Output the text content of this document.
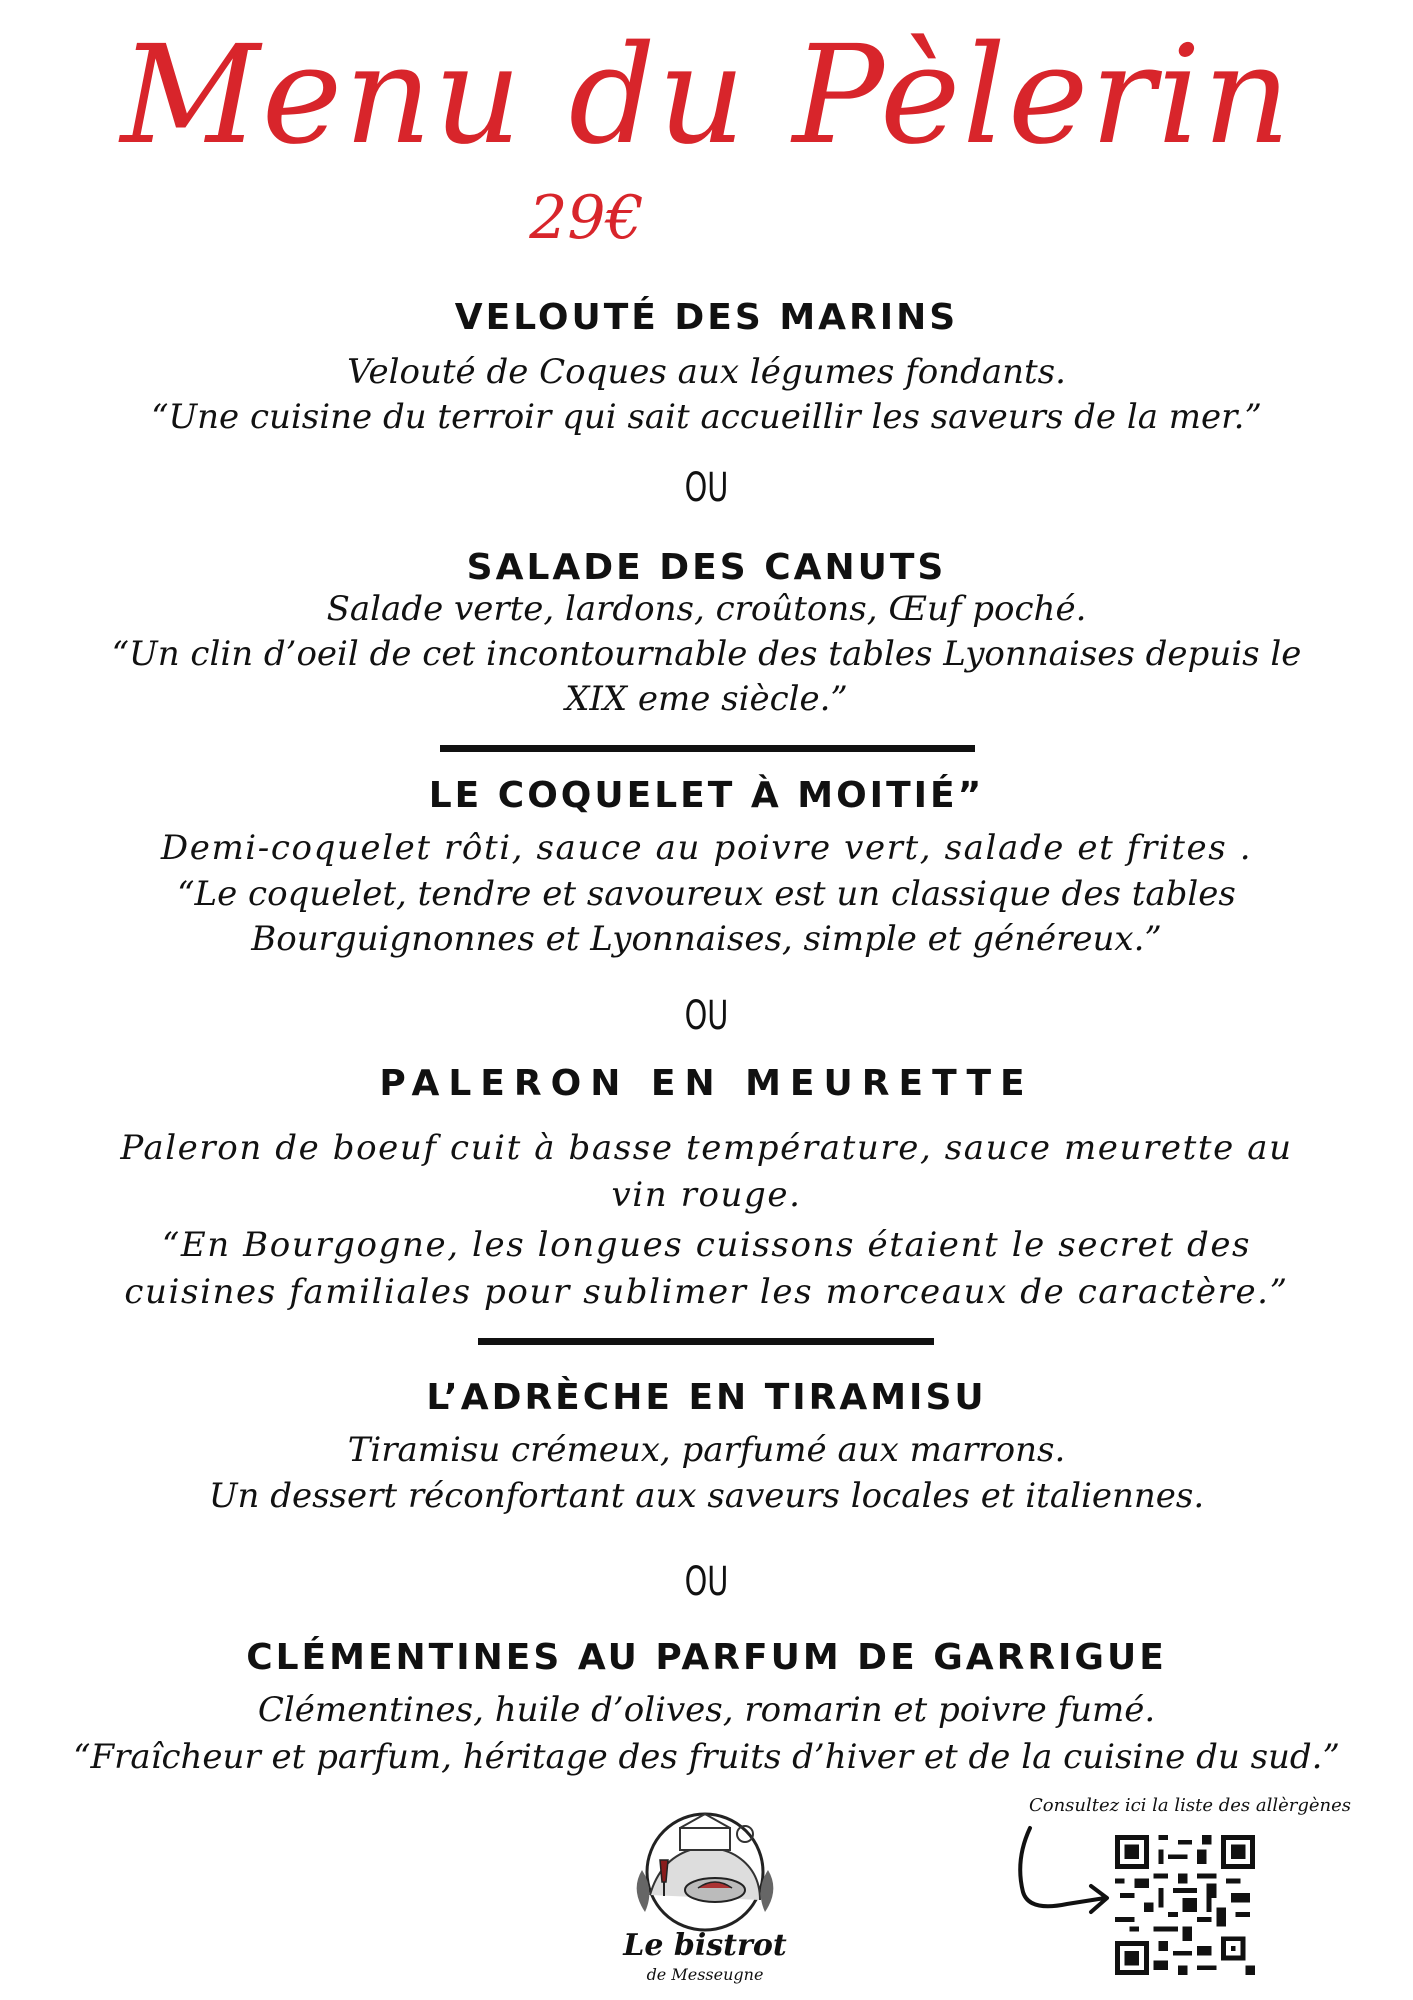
Menu du Pèlerin
29€
VELOUTÉ DES MARINS
Velouté de Coques aux légumes fondants.
“Une cuisine du terroir qui sait accueillir les saveurs de la mer.”
OU
SALADE DES CANUTS
Salade verte, lardons, croûtons, Œuf poché.
“Un clin d’oeil de cet incontournable des tables Lyonnaises depuis le
XIX eme siècle.”
LE COQUELET À MOITIÉ”
Demi-coquelet rôti, sauce au poivre vert, salade et frites .
“Le coquelet, tendre et savoureux est un classique des tables
Bourguignonnes et Lyonnaises, simple et généreux.”
OU
PALERON EN MEURETTE
Paleron de boeuf cuit à basse température, sauce meurette au
vin rouge.
“En Bourgogne, les longues cuissons étaient le secret des
cuisines familiales pour sublimer les morceaux de caractère.”
L’ADRÈCHE EN TIRAMISU
Tiramisu crémeux, parfumé aux marrons.
Un dessert réconfortant aux saveurs locales et italiennes.
OU
CLÉMENTINES AU PARFUM DE GARRIGUE
Clémentines, huile d’olives, romarin et poivre fumé.
“Fraîcheur et parfum, héritage des fruits d’hiver et de la cuisine du sud.”
Le bistrot
de Messeugne
Consultez ici la liste des allèrgènes
